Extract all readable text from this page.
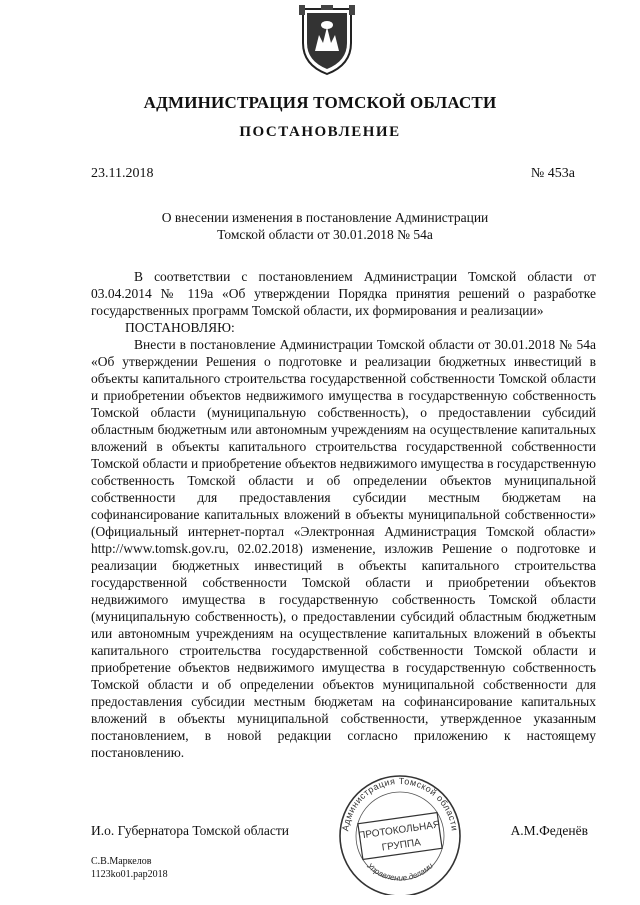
АДМИНИСТРАЦИЯ ТОМСКОЙ ОБЛАСТИ
ПОСТАНОВЛЕНИЕ
23.11.2018	№ 453а
О внесении изменения в постановление Администрации
Томской области от 30.01.2018 № 54а

В соответствии с постановлением Администрации Томской области от 03.04.2014 № 119а «Об утверждении Порядка принятия решений о разработке государственных программ Томской области, их формирования и реализации»

ПОСТАНОВЛЯЮ:

Внести в постановление Администрации Томской области от 30.01.2018 № 54а «Об утверждении Решения о подготовке и реализации бюджетных инвестиций в объекты капитального строительства государственной собственности Томской области и приобретении объектов недвижимого имущества в государственную собственность Томской области (муниципальную собственность), о предоставлении субсидий областным бюджетным или автономным учреждениям на осуществление капитальных вложений в объекты капитального строительства государственной собственности Томской области и приобретение объектов недвижимого имущества в государственную собственность Томской области и об определении объектов муниципальной собственности для предоставления субсидии местным бюджетам на софинансирование капитальных вложений в объекты муниципальной собственности» (Официальный интернет-портал «Электронная Администрация Томской области» http://www.tomsk.gov.ru, 02.02.2018) изменение, изложив Решение о подготовке и реализации бюджетных инвестиций в объекты капитального строительства государственной собственности Томской области и приобретении объектов недвижимого имущества в государственную собственность Томской области (муниципальную собственность), о предоставлении субсидий областным бюджетным или автономным учреждениям на осуществление капитальных вложений в объекты капитального строительства государственной собственности Томской области и приобретение объектов недвижимого имущества в государственную собственность Томской области и об определении объектов муниципальной собственности для предоставления субсидии местным бюджетам на софинансирование капитальных вложений в объекты муниципальной собственности, утвержденное указанным постановлением, в новой редакции согласно приложению к настоящему постановлению.

И.о. Губернатора Томской области	А.М.Феденёв
Администрация Томской области
Управление делами
ПРОТОКОЛЬНАЯ
ГРУППА
С.В.Маркелов
1123ko01.pap2018
